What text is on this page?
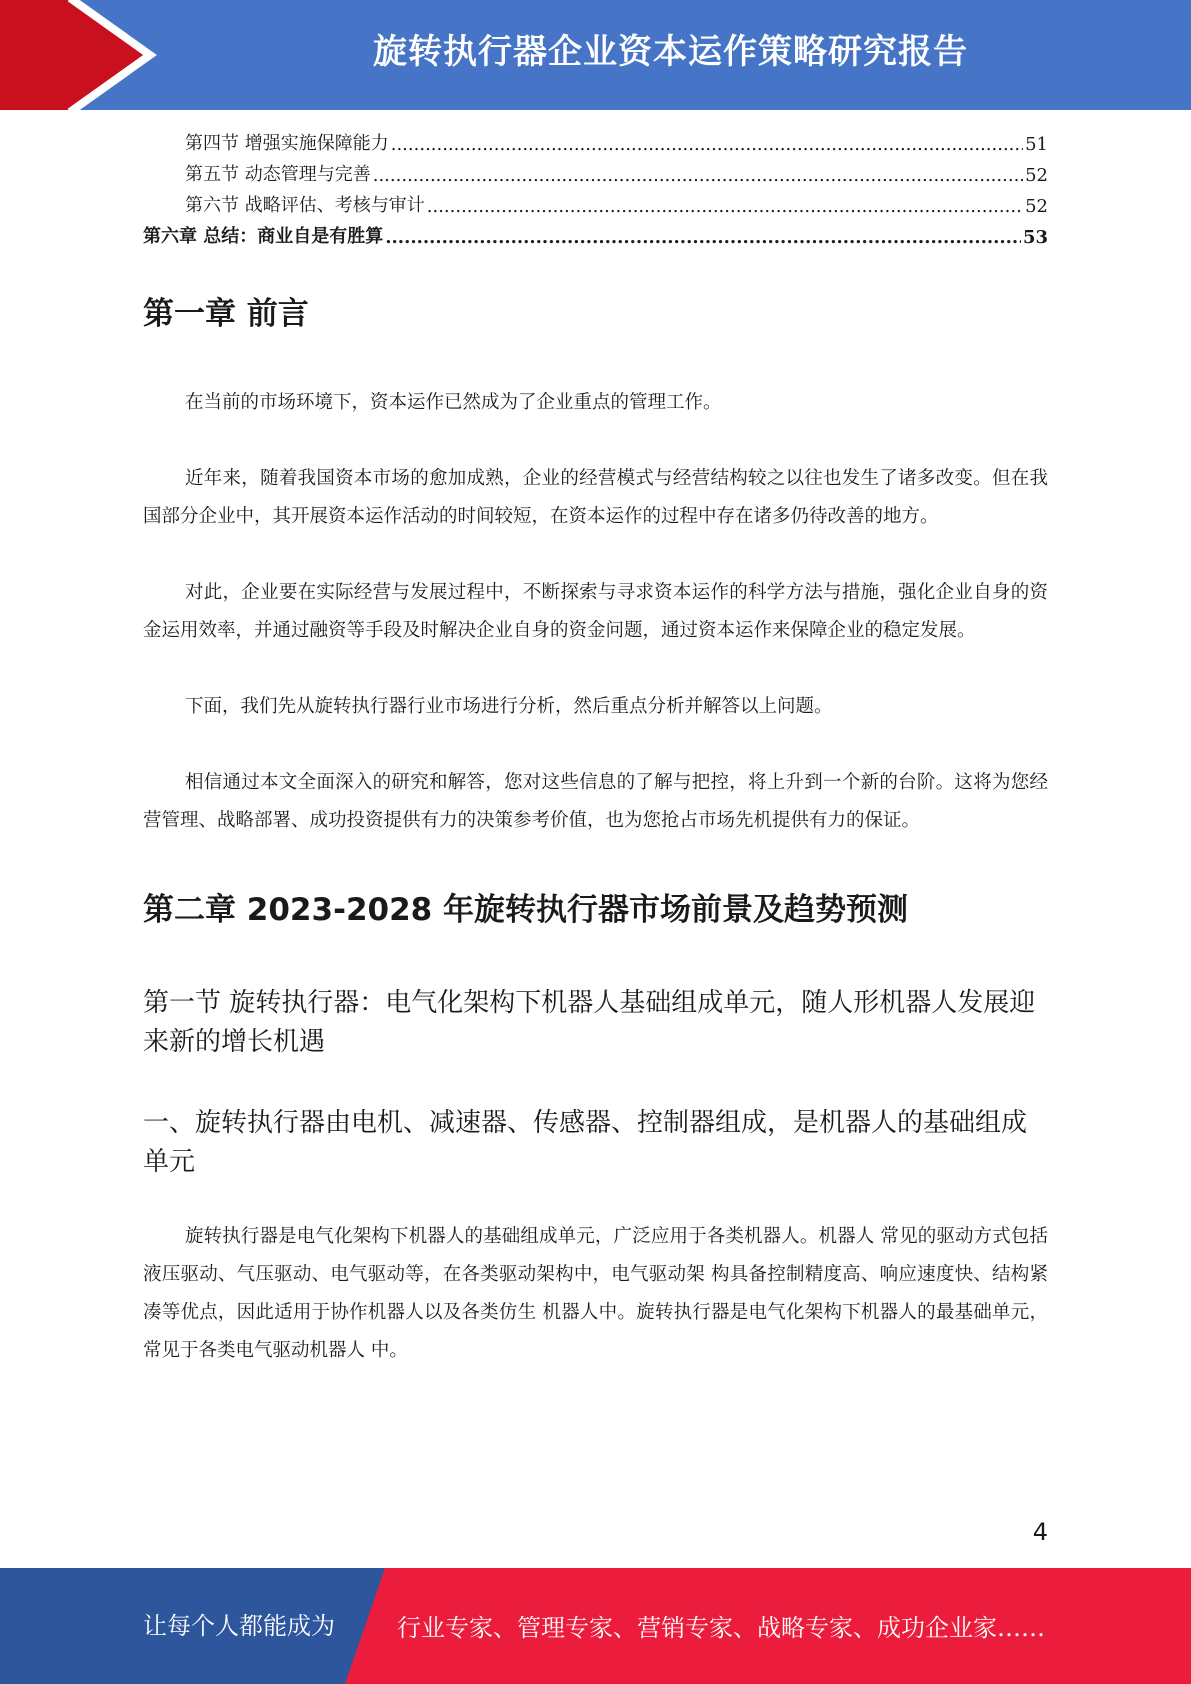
旋转执行器企业资本运作策略研究报告
第四节 增强实施保障能力 .....	51
第五节 动态管理与完善 .....	52
第六节 战略评估、考核与审计 .....	52
第六章 总结：商业自是有胜算 .....	53
第一章 前言

在当前的市场环境下，资本运作已然成为了企业重点的管理工作。

近年来，随着我国资本市场的愈加成熟，企业的经营模式与经营结构较之以往也发生了诸多改变。但在我国部分企业中，其开展资本运作活动的时间较短，在资本运作的过程中存在诸多仍待改善的地方。

对此，企业要在实际经营与发展过程中，不断探索与寻求资本运作的科学方法与措施，强化企业自身的资金运用效率，并通过融资等手段及时解决企业自身的资金问题，通过资本运作来保障企业的稳定发展。

下面，我们先从旋转执行器行业市场进行分析，然后重点分析并解答以上问题。

相信通过本文全面深入的研究和解答，您对这些信息的了解与把控，将上升到一个新的台阶。这将为您经营管理、战略部署、成功投资提供有力的决策参考价值，也为您抢占市场先机提供有力的保证。

第二章 2023-2028 年旋转执行器市场前景及趋势预测
第一节 旋转执行器：电气化架构下机器人基础组成单元，随人形机器人发展迎来新的增长机遇
一、旋转执行器由电机、减速器、传感器、控制器组成，是机器人的基础组成 单元

旋转执行器是电气化架构下机器人的基础组成单元，广泛应用于各类机器人。机器人 常见的驱动方式包括液压驱动、气压驱动、电气驱动等，在各类驱动架构中，电气驱动架 构具备控制精度高、响应速度快、结构紧凑等优点，因此适用于协作机器人以及各类仿生 机器人中。旋转执行器是电气化架构下机器人的最基础单元，常见于各类电气驱动机器人 中。

4
让每个人都能成为	行业专家、管理专家、营销专家、战略专家、成功企业家……
